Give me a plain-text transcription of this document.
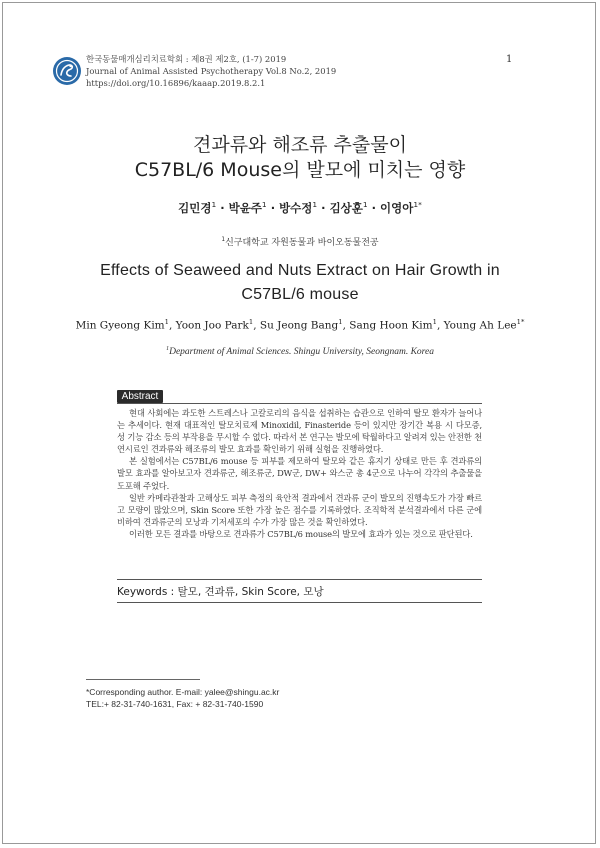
한국동물매개심리치료학회 : 제8권 제2호, (1-7) 2019
Journal of Animal Assisted Psychotherapy Vol.8 No.2, 2019
https://doi.org/10.16896/kaaap.2019.8.2.1
1
견과류와 해조류 추출물이
C57BL/6 Mouse의 발모에 미치는 영향
김민경$^1$ · 박윤주$^1$ · 방수정$^1$ · 김상훈$^1$ · 이영아$^{1*}$
$^1$신구대학교 자원동물과 바이오동물전공
Effects of Seaweed and Nuts Extract on Hair Growth in
C57BL/6 mouse
Min Gyeong Kim$^1$, Yoon Joo Park$^1$, Su Jeong Bang$^1$, Sang Hoon Kim$^1$, Young Ah Lee$^{1*}$
$^1$Department of Animal Sciences. Shingu University, Seongnam. Korea
Abstract

현대 사회에는 과도한 스트레스나 고칼로리의 음식을 섭취하는 습관으로 인하여 탈모 환자가 늘어나는 추세이다. 현재 대표적인 탈모치료제 Minoxidil, Finasteride 등이 있지만 장기간 복용 시 다모증, 성 기능 감소 등의 부작용을 무시할 수 없다. 따라서 본 연구는 발모에 탁월하다고 알려져 있는 안전한 천연시료인 견과류와 해조류의 발모 효과를 확인하기 위해 실험을 진행하였다.

본 실험에서는 C57BL/6 mouse 등 피부를 제모하여 탈모와 같은 휴지기 상태로 만든 후 견과류의 발모 효과를 알아보고자 견과류군, 해조류군, DW군, DW+ 와스군 총 4군으로 나누어 각각의 추출물을 도포해 주었다.

일반 카메라관찰과 고해상도 피부 측정의 육안적 결과에서 견과류 군이 발모의 진행속도가 가장 빠르고 모량이 많았으며, Skin Score 또한 가장 높은 점수를 기록하였다. 조직학적 분석결과에서 다른 군에 비하여 견과류군의 모낭과 기저세포의 수가 가장 많은 것을 확인하였다.

이러한 모든 결과를 바탕으로 견과류가 C57BL/6 mouse의 발모에 효과가 있는 것으로 판단된다.

Keywords : 탈모, 견과류, Skin Score, 모낭
*Corresponding author. E-mail: yalee@shingu.ac.kr
TEL:+ 82-31-740-1631, Fax: + 82-31-740-1590
